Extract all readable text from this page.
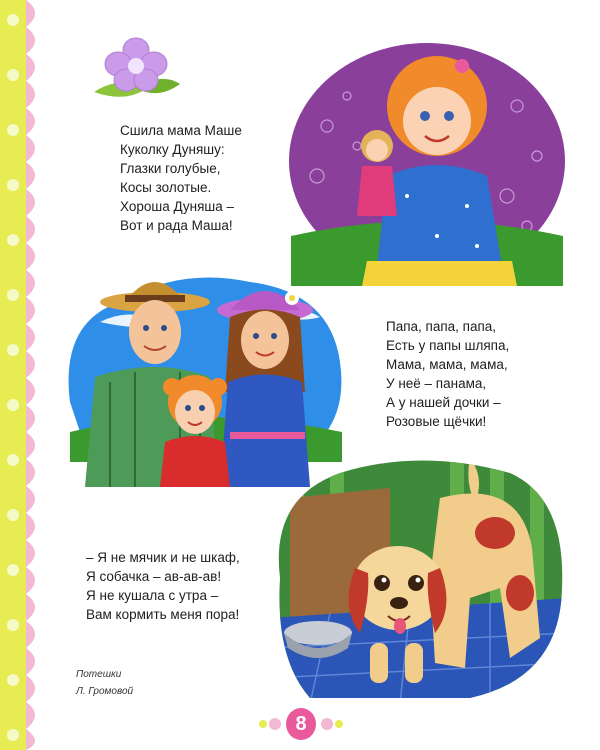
Сшила мама Маше
Куколку Дуняшу:
Глазки голубые,
Косы золотые.
Хороша Дуняша –
Вот и рада Маша!
Папа, папа, папа,
Есть у папы шляпа,
Мама, мама, мама,
У неё – панама,
А у нашей дочки –
Розовые щёчки!
– Я не мячик и не шкаф,
Я собачка – ав-ав-ав!
Я не кушала с утра –
Вам кормить меня пора!
Потешки
Л. Громовой
8
